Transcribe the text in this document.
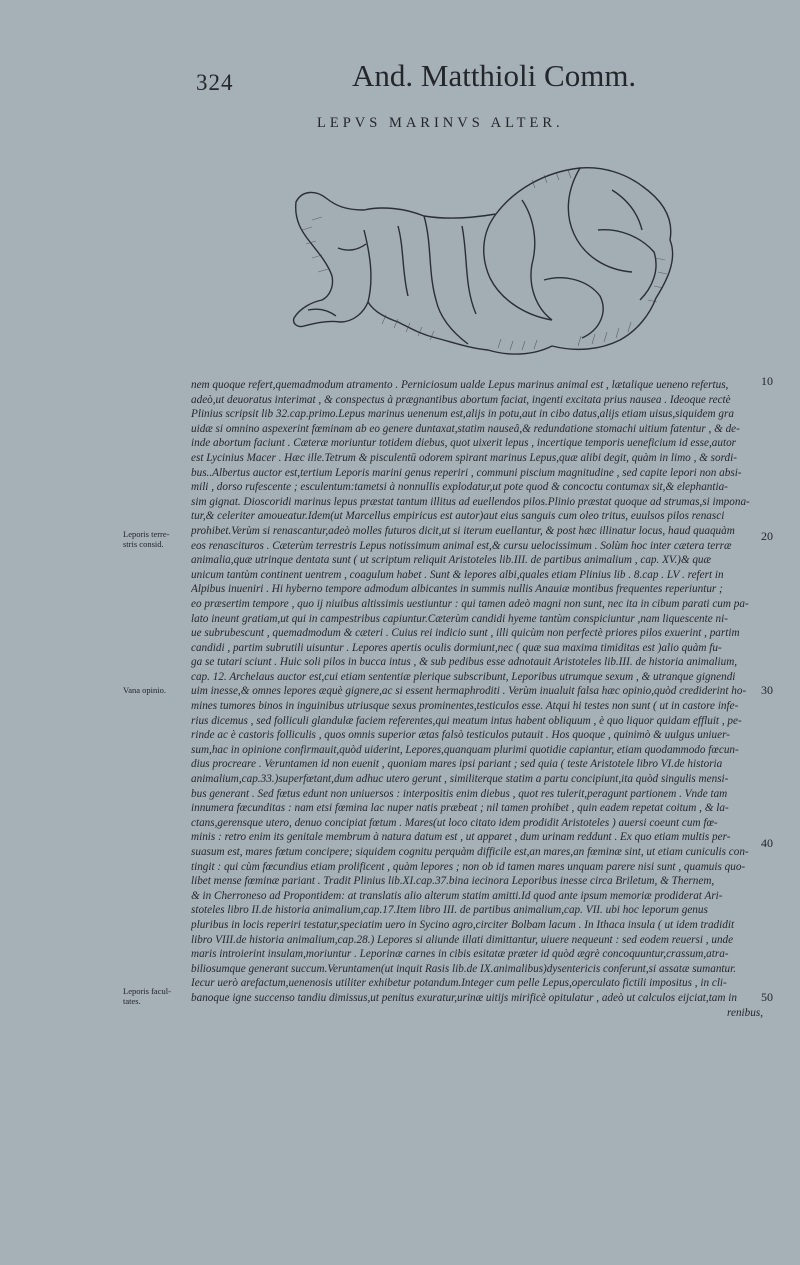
324	And. Matthioli Comm.
LEPVS MARINVS ALTER.
nem quoque refert,quemadmodum atramento . Perniciosum ualde Lepus marinus animal est , lætalique ueneno refertus,
adeò,ut deuoratus interimat , & conspectus à prægnantibus abortum faciat, ingenti excitata prius nausea . Ideoque rectè
Plinius scripsit lib 32.cap.primo.Lepus marinus uenenum est,alijs in potu,aut in cibo datus,alijs etiam uisus,siquidem gra
uidæ si omnino aspexerint fœminam ab eo genere duntaxat,statim nauseâ,& redundatione stomachi uitium fatentur , & de-
inde abortum faciunt . Cæteræ moriuntur totidem diebus, quot uixerit lepus , incertique temporis ueneficium id esse,autor
est Lycinius Macer . Hæc ille.Tetrum & pisculentū odorem spirant marinus Lepus,quæ alibi degit, quàm in limo , & sordi-
bus..Albertus auctor est,tertium Leporis marini genus reperiri , communi piscium magnitudine , sed capite lepori non absi-
mili , dorso rufescente ; esculentum:tametsi à nonnullis explodatur,ut pote quod & concoctu contumax sit,& elephantia-
sim gignat. Dioscoridi marinus lepus præstat tantum illitus ad euellendos pilos.Plinio præstat quoque ad strumas,si impona-
tur,& celeriter amoueatur.Idem(ut Marcellus empiricus est autor)aut eius sanguis cum oleo tritus, euulsos pilos renasci
prohibet.Verùm si renascantur,adeò molles futuros dicit,ut si iterum euellantur, & post hæc illinatur locus, haud quaquàm
eos renascituros . Cæterùm terrestris Lepus notissimum animal est,& cursu uelocissimum . Solùm hoc inter cætera terræ
animalia,quæ utrinque dentata sunt ( ut scriptum reliquit Aristoteles lib.III. de partibus animalium , cap. XV.)& quæ
unicum tantùm continent uentrem , coagulum habet . Sunt & lepores albi,quales etiam Plinius lib . 8.cap . LV . refert in
Alpibus inueniri . Hi hyberno tempore admodum albicantes in summis nullis Anauiæ montibus frequentes reperiuntur ;
eo præsertim tempore , quo ij niuibus altissimis uestiuntur : qui tamen adeò magni non sunt, nec ita in cibum parati cum pa-
lato ineunt gratiam,ut qui in campestribus capiuntur.Cæterùm candidi hyeme tantùm conspiciuntur ,nam liquescente ni-
ue subrubescunt , quemadmodum & cæteri . Cuius rei indicio sunt , illi quicùm non perfectè priores pilos exuerint , partim
candidi , partim subrutili uisuntur . Lepores apertis oculis dormiunt,nec ( quæ sua maxima timiditas est )alio quàm fu-
ga se tutari sciunt . Huic soli pilos in bucca intus , & sub pedibus esse adnotauit Aristoteles lib.III. de historia animalium,
cap. 12. Archelaus auctor est,cui etiam sententiæ plerique subscribunt, Leporibus utrumque sexum , & utranque gignendi
uim inesse,& omnes lepores æquè gignere,ac si essent hermaphroditi . Verùm inualuit falsa hæc opinio,quòd crediderint ho-
mines tumores binos in inguinibus utriusque sexus prominentes,testiculos esse. Atqui hi testes non sunt ( ut in castore infe-
rius dicemus , sed folliculi glandulæ faciem referentes,qui meatum intus habent obliquum , è quo liquor quidam effluit , pe-
rinde ac è castoris folliculis , quos omnis superior ætas falsò testiculos putauit . Hos quoque , quinimò & uulgus uniuer-
sum,hac in opinione confirmauit,quòd uiderint, Lepores,quanquam plurimi quotidie capiantur, etiam quodammodo fœcun-
dius procreare . Veruntamen id non euenit , quoniam mares ipsi pariant ; sed quia ( teste Aristotele libro VI.de historia
animalium,cap.33.)superfœtant,dum adhuc utero gerunt , similiterque statim a partu concipiunt,ita quòd singulis mensi-
bus generant . Sed fœtus edunt non uniuersos : interpositis enim diebus , quot res tulerit,peragunt partionem . Vnde tam
innumera fœcunditas : nam etsi fœmina lac nuper natis præbeat ; nil tamen prohibet , quin eadem repetat coitum , & la-
ctans,gerensque utero, denuo concipiat fœtum . Mares(ut loco citato idem prodidit Aristoteles ) auersi coeunt cum fœ-
minis : retro enim its genitale membrum à natura datum est , ut apparet , dum urinam reddunt . Ex quo etiam multis per-
suasum est, mares fœtum concipere; siquidem cognitu perquàm difficile est,an mares,an fœminæ sint, ut etiam cuniculis con-
tingit : qui cùm fœcundius etiam prolificent , quàm lepores ; non ob id tamen mares unquam parere nisi sunt , quamuis quo-
libet mense fœminæ pariant . Tradit Plinius lib.XI.cap.37.bina iecinora Leporibus inesse circa Briletum, & Thernem,
& in Cherroneso ad Propontidem: at translatis alio alterum statim amitti.Id quod ante ipsum memoriæ prodiderat Ari-
stoteles libro II.de historia animalium,cap.17.Item libro III. de partibus animalium,cap. VII. ubi hoc leporum genus
pluribus in locis reperiri testatur,speciatim uero in Sycino agro,circiter Bolbam lacum . In Ithaca insula ( ut idem tradidit
libro VIII.de historia animalium,cap.28.) Lepores si aliunde illati dimittantur, uiuere nequeunt : sed eodem reuersi , unde
maris introierint insulam,moriuntur . Leporinæ carnes in cibis esitatæ præter id quòd ægrè concoquuntur,crassum,atra-
biliosumque generant succum.Veruntamen(ut inquit Rasis lib.de IX.animalibus)dysentericis conferunt,si assatæ sumantur.
Iecur uerò arefactum,uenenosis utiliter exhibetur potandum.Integer cum pelle Lepus,operculato fictili impositus , in cli-
banoque igne succenso tandiu dimissus,ut penitus exuratur,urinæ uitijs mirificè opitulatur , adeò ut calculos eijciat,tam in
renibus,
Leporis terre- stris consid.
Vana opinio.
Leporis facul- tates.
10
20
30
40
50
